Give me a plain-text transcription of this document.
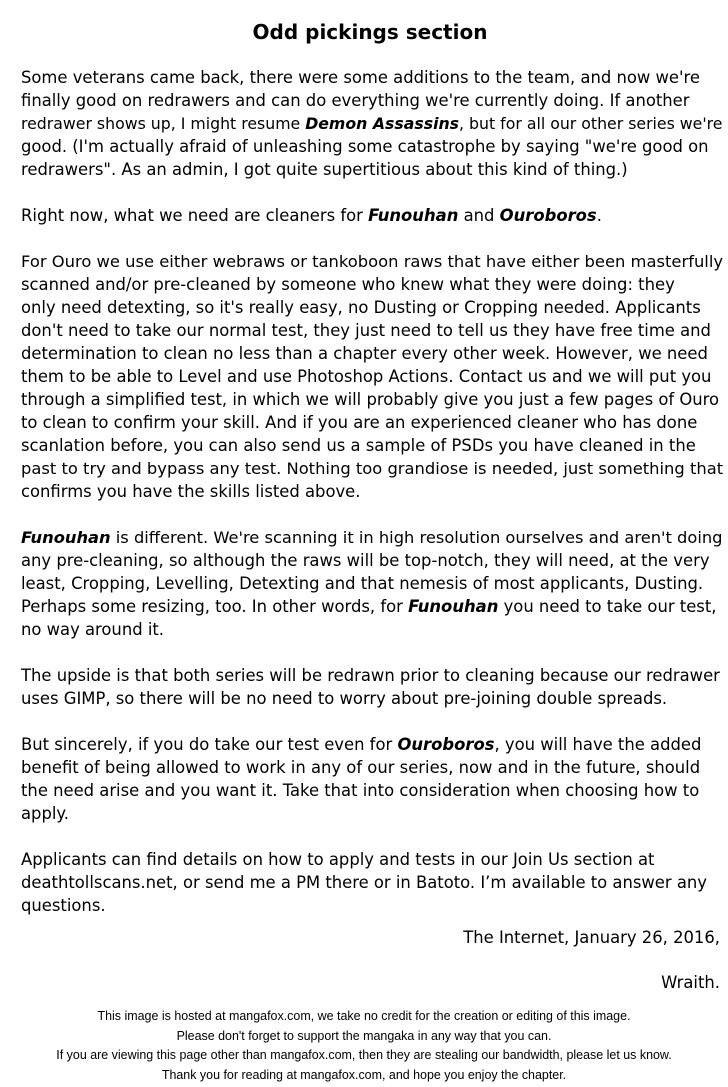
Odd pickings section
Some veterans came back, there were some additions to the team, and now we're
finally good on redrawers and can do everything we're currently doing. If another
redrawer shows up, I might resume Demon Assassins, but for all our other series we're
good. (I'm actually afraid of unleashing some catastrophe by saying "we're good on
redrawers". As an admin, I got quite supertitious about this kind of thing.)
Right now, what we need are cleaners for Funouhan and Ouroboros.
For Ouro we use either webraws or tankoboon raws that have either been masterfully
scanned and/or pre-cleaned by someone who knew what they were doing: they
only need detexting, so it's really easy, no Dusting or Cropping needed. Applicants
don't need to take our normal test, they just need to tell us they have free time and
determination to clean no less than a chapter every other week. However, we need
them to be able to Level and use Photoshop Actions. Contact us and we will put you
through a simplified test, in which we will probably give you just a few pages of Ouro
to clean to confirm your skill. And if you are an experienced cleaner who has done
scanlation before, you can also send us a sample of PSDs you have cleaned in the
past to try and bypass any test. Nothing too grandiose is needed, just something that
confirms you have the skills listed above.
Funouhan is different. We're scanning it in high resolution ourselves and aren't doing
any pre-cleaning, so although the raws will be top-notch, they will need, at the very
least, Cropping, Levelling, Detexting and that nemesis of most applicants, Dusting.
Perhaps some resizing, too. In other words, for Funouhan you need to take our test,
no way around it.
The upside is that both series will be redrawn prior to cleaning because our redrawer
uses GIMP, so there will be no need to worry about pre-joining double spreads.
But sincerely, if you do take our test even for Ouroboros, you will have the added
benefit of being allowed to work in any of our series, now and in the future, should
the need arise and you want it. Take that into consideration when choosing how to
apply.
Applicants can find details on how to apply and tests in our Join Us section at
deathtollscans.net, or send me a PM there or in Batoto. I’m available to answer any
questions.
The Internet, January 26, 2016,
Wraith.
This image is hosted at mangafox.com, we take no credit for the creation or editing of this image.
Please don't forget to support the mangaka in any way that you can.
If you are viewing this page other than mangafox.com, then they are stealing our bandwidth, please let us know.
Thank you for reading at mangafox.com, and hope you enjoy the chapter.
